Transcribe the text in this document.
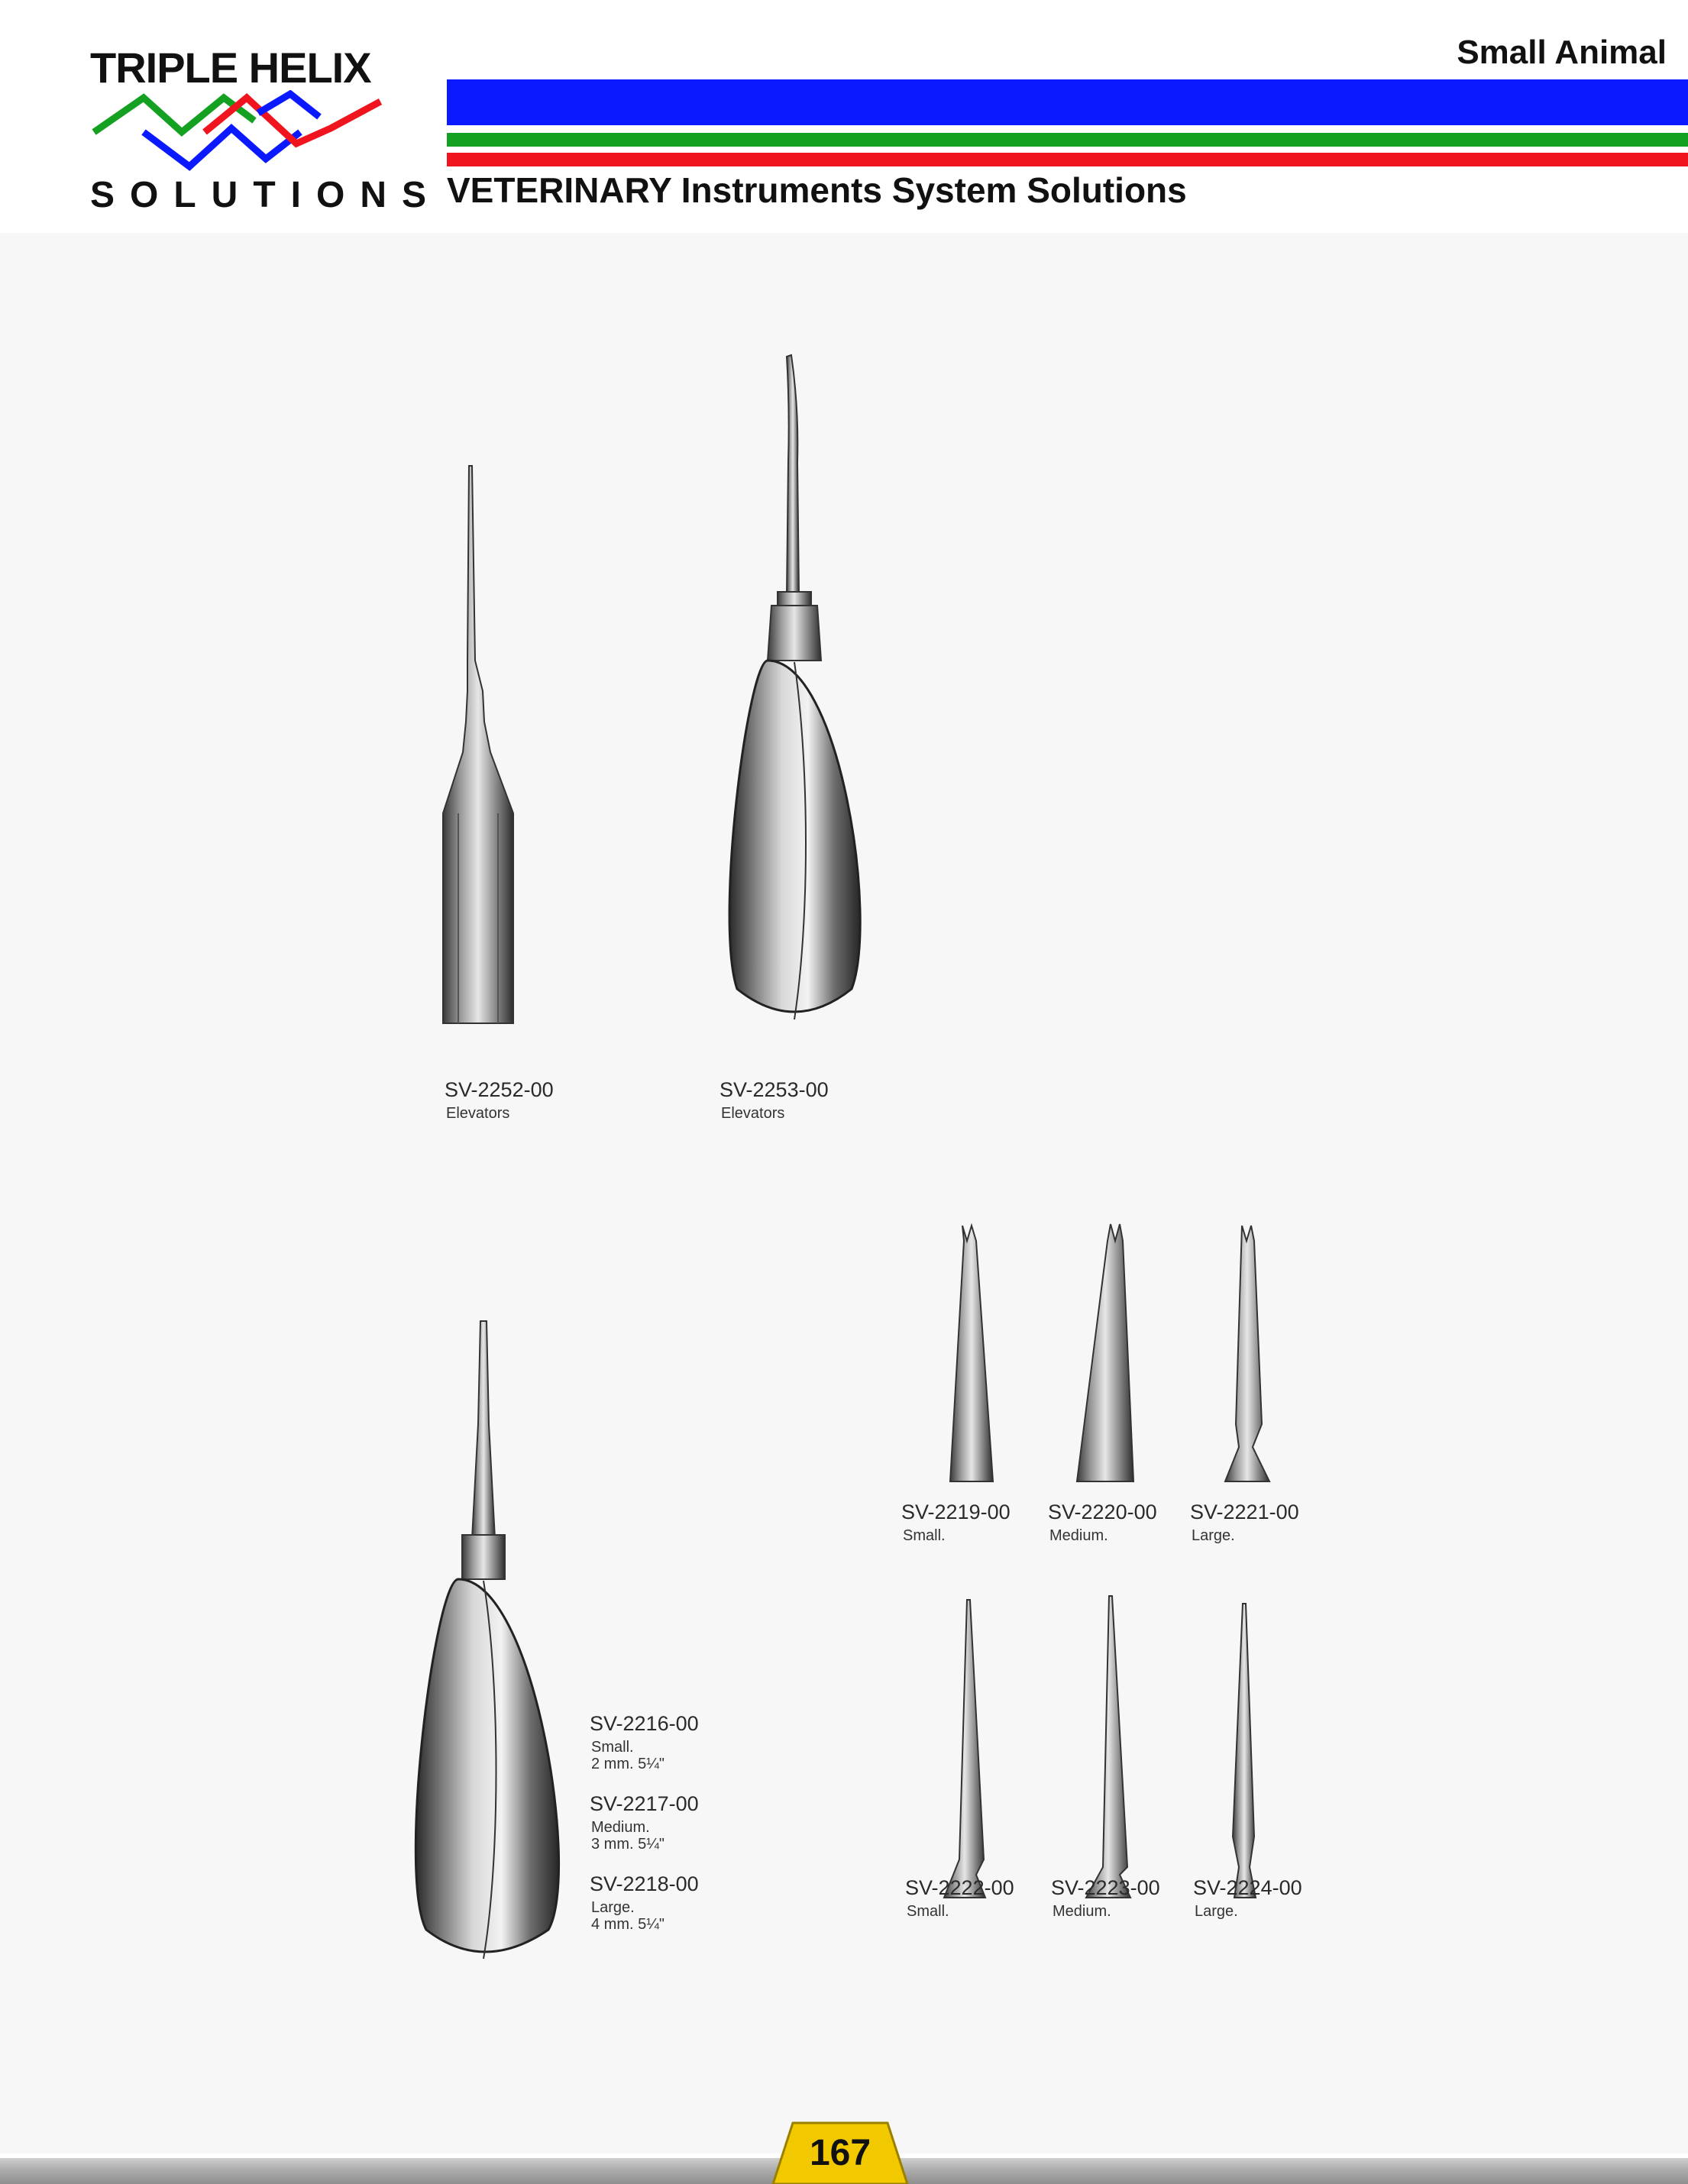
TRIPLE HELIX
SOLUTIONS
Small Animal
VETERINARY Instruments System Solutions
SV-2252-00
Elevators
SV-2253-00
Elevators
SV-2219-00
Small.
SV-2220-00
Medium.
SV-2221-00
Large.
SV-2216-00
Small.
2 mm. 5¼"
SV-2217-00
Medium.
3 mm. 5¼"
SV-2218-00
Large.
4 mm. 5¼"
SV-2222-00
Small.
SV-2223-00
Medium.
SV-2224-00
Large.
167
